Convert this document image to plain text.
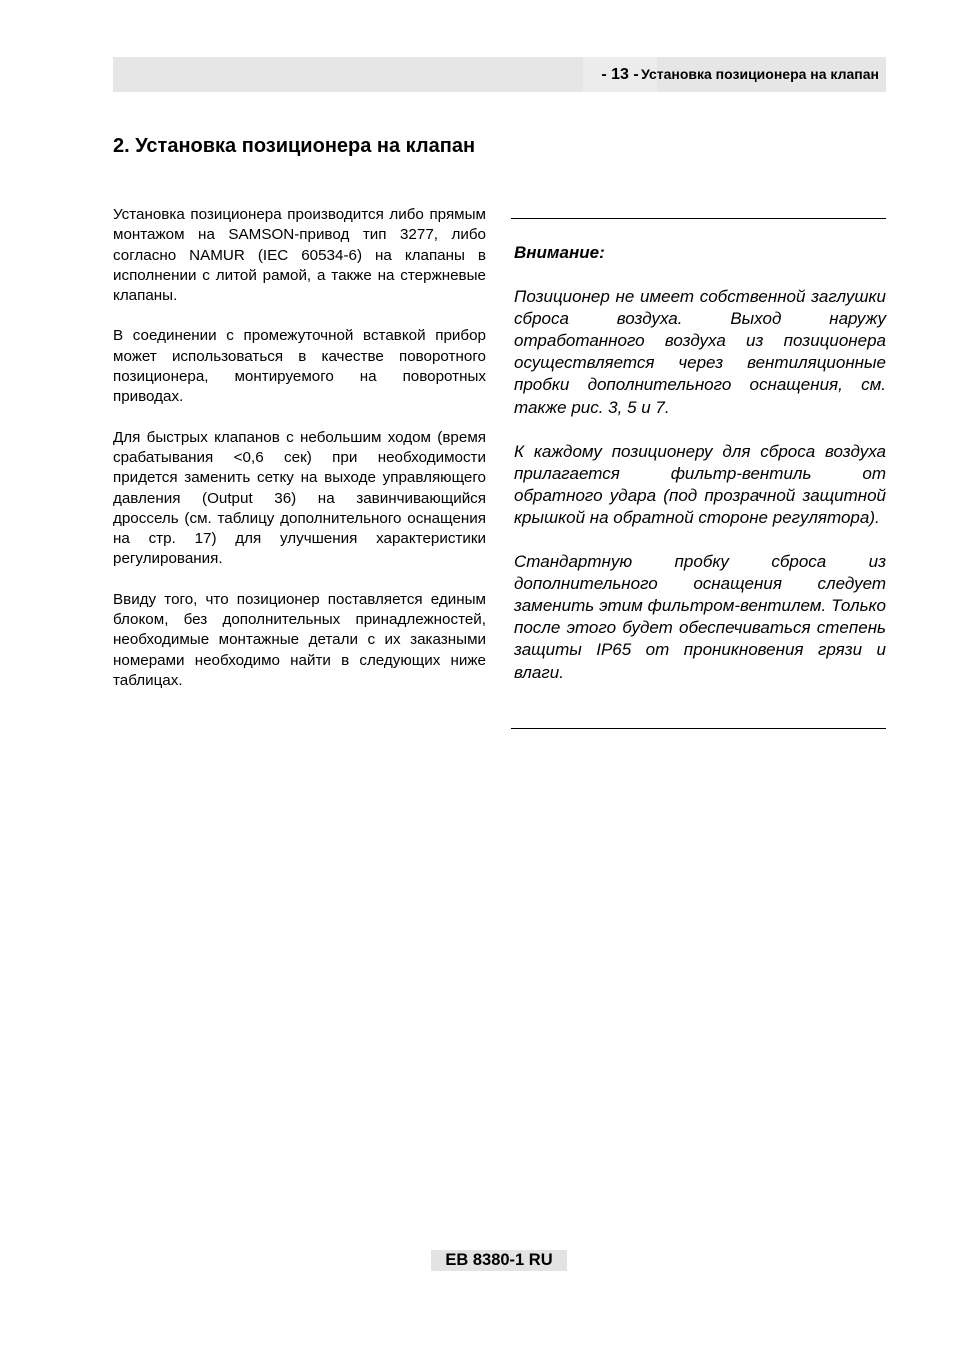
- 13 - Установка позиционера на клапан
2. Установка позиционера на клапан

Установка позиционера производится либо прямым монтажом на SAMSON-привод тип 3277, либо согласно NAMUR (IEC 60534-6) на клапаны в исполнении с литой рамой, а также на стержневые клапаны.

В соединении с промежуточной вставкой прибор может использоваться в качестве поворотного позиционера, монтируемого на поворотных приводах.

Для быстрых клапанов с небольшим ходом (время срабатывания <0,6 сек) при необходимости придется заменить сетку на выходе управляющего давления (Output 36) на завинчивающийся дроссель (см. таблицу дополнительного оснащения на стр. 17) для улучшения характеристики регулирования.

Ввиду того, что позиционер поставляется единым блоком, без дополнительных принадлежностей, необходимые монтажные детали с их заказными номерами необходимо найти в следующих ниже таблицах.

Внимание:

Позиционер не имеет собственной заглушки сброса воздуха. Выход наружу отработанного воздуха из позиционера осуществляется через вентиляционные пробки дополнительного оснащения, см. также рис. 3, 5 и 7.

К каждому позиционеру для сброса воздуха прилагается фильтр-вентиль от обратного удара (под прозрачной защитной крышкой на обратной стороне регулятора).

Стандартную пробку сброса из дополнительного оснащения следует заменить этим фильтром-вентилем. Только после этого будет обеспечиваться степень защиты IP65 от проникновения грязи и влаги.

EB 8380-1 RU
